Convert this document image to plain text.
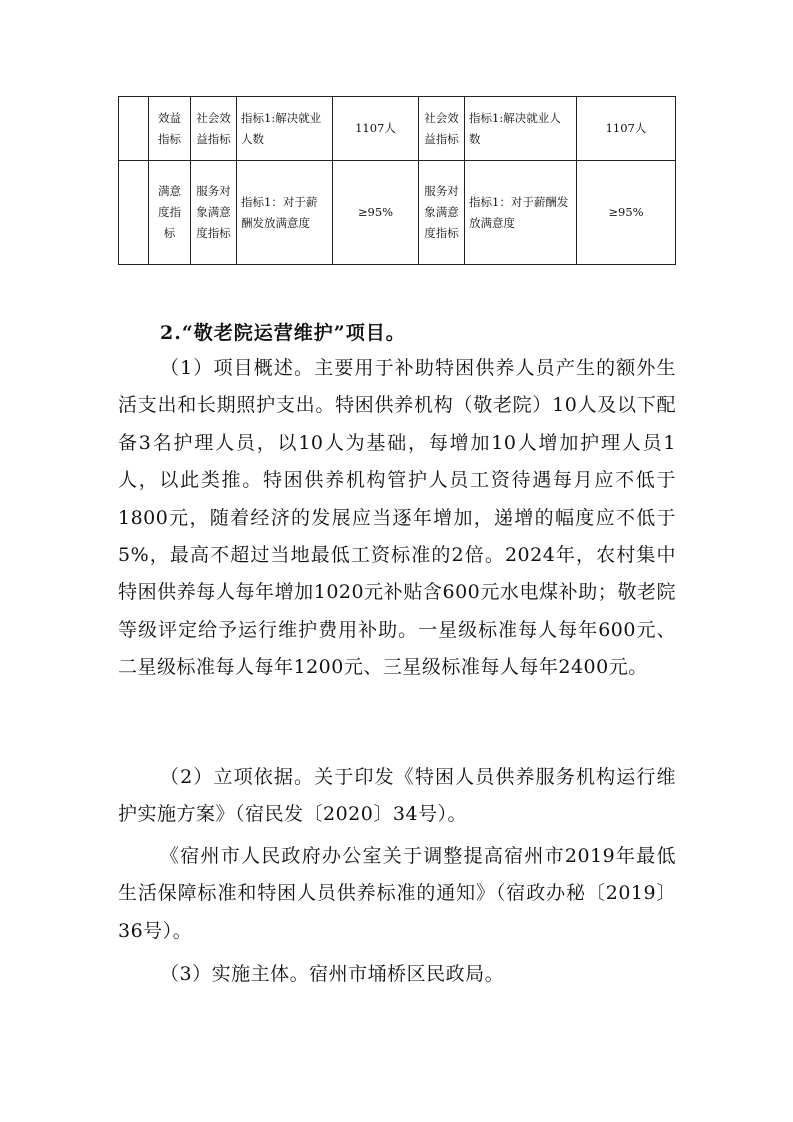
	效益指标	社会效益指标	指标1:解决就业人数	1107人	社会效益指标	指标1:解决就业人数	1107人
	满意度指标	服务对象满意度指标	指标1：对于薪酬发放满意度	≥95%	服务对象满意度指标	指标1：对于薪酬发放满意度	≥95%
2.“敬老院运营维护”项目。
（1）项目概述。主要用于补助特困供养人员产生的额外生活支出和长期照护支出。特困供养机构（敬老院）10人及以下配备3名护理人员，以10人为基础，每增加10人增加护理人员1人，以此类推。特困供养机构管护人员工资待遇每月应不低于1800元，随着经济的发展应当逐年增加，递增的幅度应不低于5%，最高不超过当地最低工资标准的2倍。2024年，农村集中特困供养每人每年增加1020元补贴含600元水电煤补助；敬老院等级评定给予运行维护费用补助。一星级标准每人每年600元、二星级标准每人每年1200元、三星级标准每人每年2400元。
（2）立项依据。关于印发《特困人员供养服务机构运行维护实施方案》（宿民发〔2020〕34号）。
《宿州市人民政府办公室关于调整提高宿州市2019年最低生活保障标准和特困人员供养标准的通知》（宿政办秘〔2019〕36号）。
（3）实施主体。宿州市埇桥区民政局。
